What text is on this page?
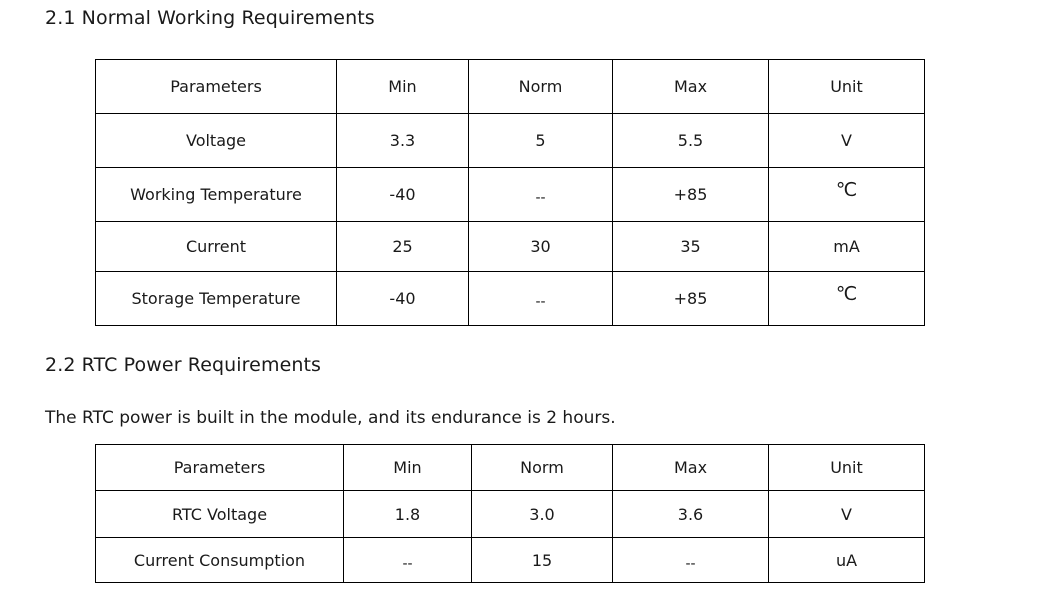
2.1 Normal Working Requirements
Parameters	Min	Norm	Max	Unit
Voltage	3.3	5	5.5	V
Working Temperature	-40	--	+85	℃
Current	25	30	35	mA
Storage Temperature	-40	--	+85	℃
2.2 RTC Power Requirements

The RTC power is built in the module, and its endurance is 2 hours.

Parameters	Min	Norm	Max	Unit
RTC Voltage	1.8	3.0	3.6	V
Current Consumption	--	15	--	uA
